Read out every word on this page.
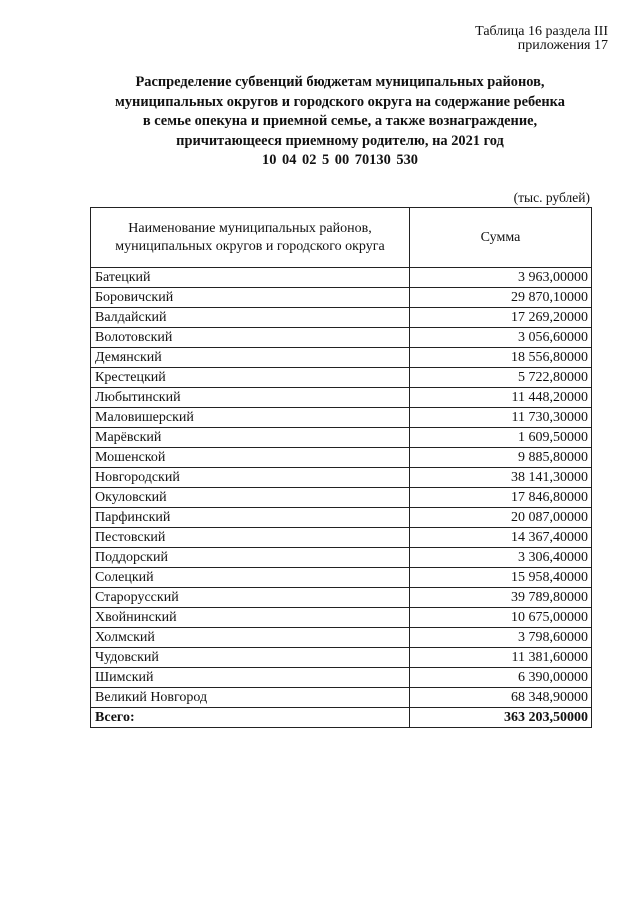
Таблица 16 раздела III
приложения 17
Распределение субвенций бюджетам муниципальных районов,
муниципальных округов и городского округа на содержание ребенка
в семье опекуна и приемной семье, а также вознаграждение,
причитающееся приемному родителю, на 2021 год
10 04 02 5 00 70130 530
(тыс. рублей)
Наименование муниципальных районов, муниципальных округов и городского округа	Сумма
Батецкий	3 963,00000
Боровичский	29 870,10000
Валдайский	17 269,20000
Волотовский	3 056,60000
Демянский	18 556,80000
Крестецкий	5 722,80000
Любытинский	11 448,20000
Маловишерский	11 730,30000
Марёвский	1 609,50000
Мошенской	9 885,80000
Новгородский	38 141,30000
Окуловский	17 846,80000
Парфинский	20 087,00000
Пестовский	14 367,40000
Поддорский	3 306,40000
Солецкий	15 958,40000
Старорусский	39 789,80000
Хвойнинский	10 675,00000
Холмский	3 798,60000
Чудовский	11 381,60000
Шимский	6 390,00000
Великий Новгород	68 348,90000
Всего:	363 203,50000
